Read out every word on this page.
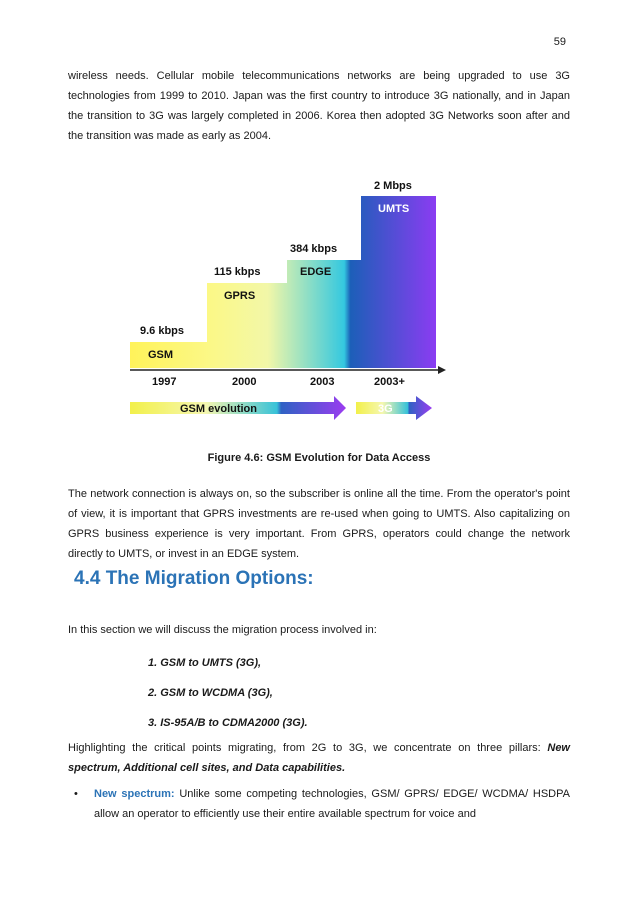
59

wireless needs. Cellular mobile telecommunications networks are being upgraded to use 3G technologies from 1999 to 2010. Japan was the first country to introduce 3G nationally, and in Japan the transition to 3G was largely completed in 2006. Korea then adopted 3G Networks soon after and the transition was made as early as 2004.

9.6 kbps
GSM
115 kbps
GPRS
384 kbps
EDGE
2 Mbps
UMTS
1997	2000	2003	2003+
GSM evolution	3G
Figure 4.6: GSM Evolution for Data Access

The network connection is always on, so the subscriber is online all the time. From the operator's point of view, it is important that GPRS investments are re-used when going to UMTS. Also capitalizing on GPRS business experience is very important. From GPRS, operators could change the network directly to UMTS, or invest in an EDGE system.

4.4 The Migration Options:

In this section we will discuss the migration process involved in:

1. GSM to UMTS (3G),
2. GSM to WCDMA (3G),
3. IS-95A/B to CDMA2000 (3G).

Highlighting the critical points migrating, from 2G to 3G, we concentrate on three pillars: New spectrum, Additional cell sites, and Data capabilities.

• New spectrum: Unlike some competing technologies, GSM/ GPRS/ EDGE/ WCDMA/ HSDPA allow an operator to efficiently use their entire available spectrum for voice and
